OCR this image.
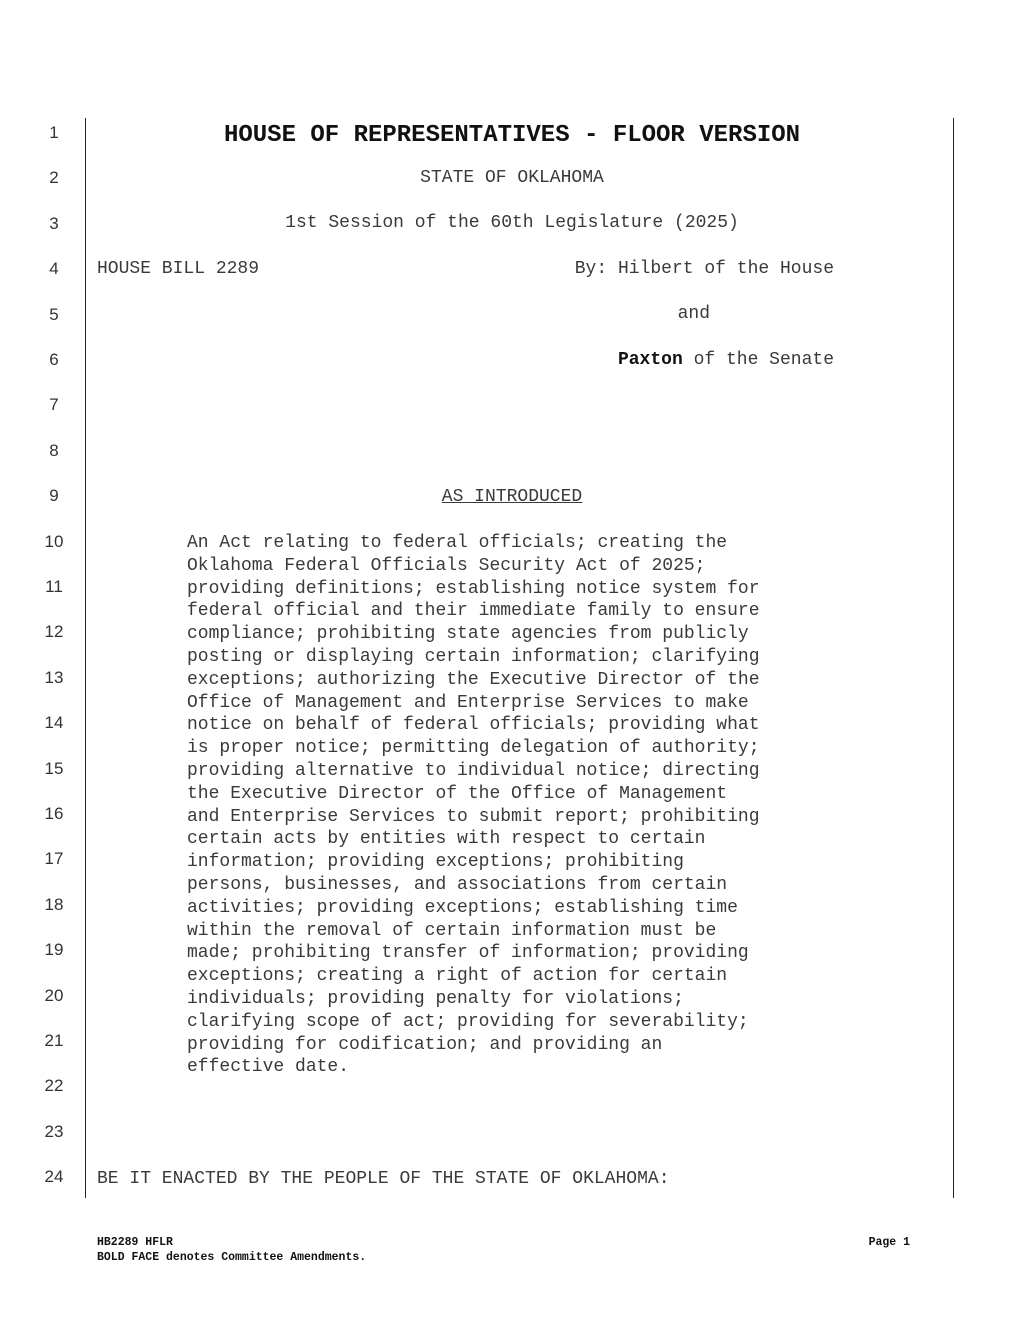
1
2
3
4
5
6
7
8
9
10
11
12
13
14
15
16
17
18
19
20
21
22
23
24
HOUSE OF REPRESENTATIVES - FLOOR VERSION
STATE OF OKLAHOMA
1st Session of the 60th Legislature (2025)
HOUSE BILL 2289	By: Hilbert of the House
and
Paxton of the Senate
AS INTRODUCED
An Act relating to federal officials; creating the
Oklahoma Federal Officials Security Act of 2025;
providing definitions; establishing notice system for
federal official and their immediate family to ensure
compliance; prohibiting state agencies from publicly
posting or displaying certain information; clarifying
exceptions; authorizing the Executive Director of the
Office of Management and Enterprise Services to make
notice on behalf of federal officials; providing what
is proper notice; permitting delegation of authority;
providing alternative to individual notice; directing
the Executive Director of the Office of Management
and Enterprise Services to submit report; prohibiting
certain acts by entities with respect to certain
information; providing exceptions; prohibiting
persons, businesses, and associations from certain
activities; providing exceptions; establishing time
within the removal of certain information must be
made; prohibiting transfer of information; providing
exceptions; creating a right of action for certain
individuals; providing penalty for violations;
clarifying scope of act; providing for severability;
providing for codification; and providing an
effective date.
BE IT ENACTED BY THE PEOPLE OF THE STATE OF OKLAHOMA:
HB2289 HFLR
BOLD FACE denotes Committee Amendments.
Page 1
